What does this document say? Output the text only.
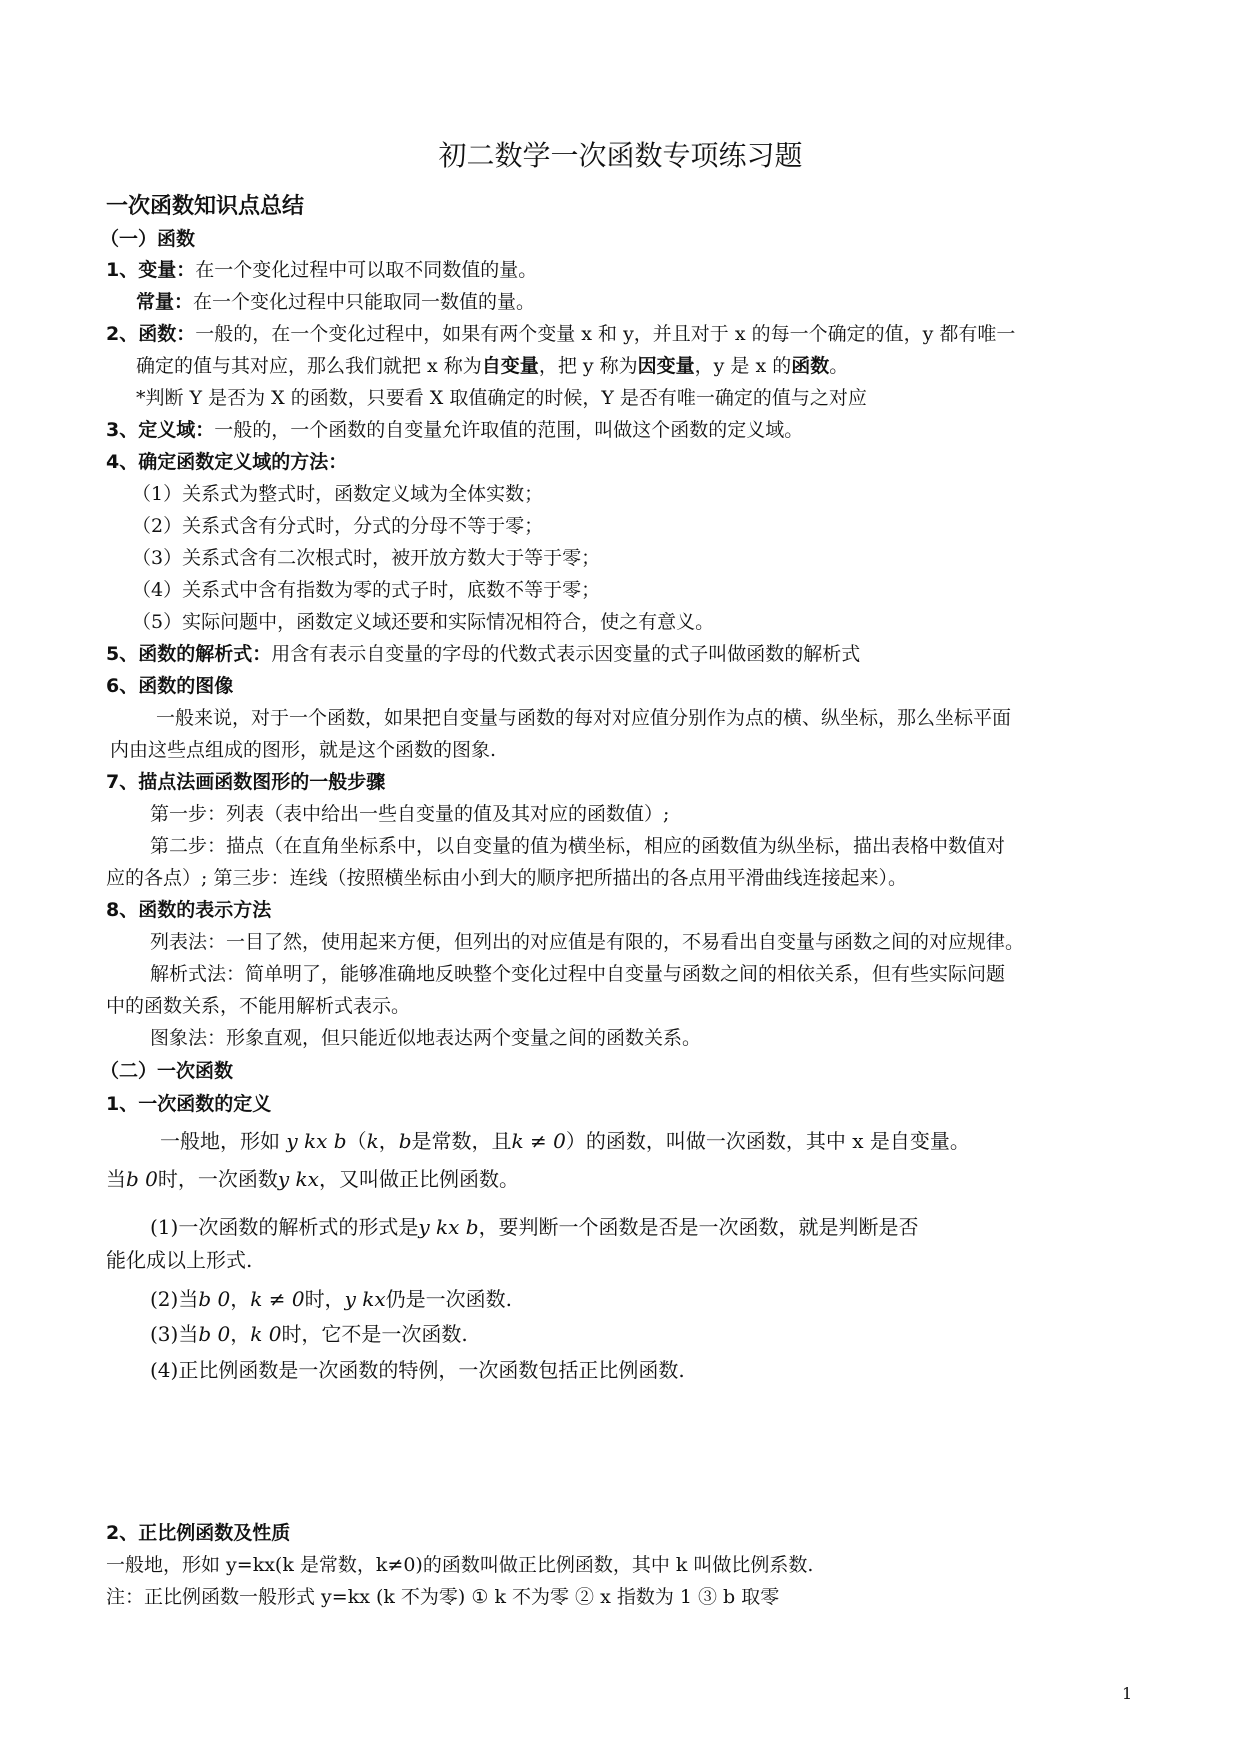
初二数学一次函数专项练习题
一次函数知识点总结
（一）函数
1、变量：在一个变化过程中可以取不同数值的量。
常量：在一个变化过程中只能取同一数值的量。
2、函数：一般的，在一个变化过程中，如果有两个变量 x 和 y，并且对于 x 的每一个确定的值，y 都有唯一
确定的值与其对应，那么我们就把 x 称为自变量，把 y 称为因变量，y 是 x 的函数。
*判断 Y 是否为 X 的函数，只要看 X 取值确定的时候，Y 是否有唯一确定的值与之对应
3、定义域：一般的，一个函数的自变量允许取值的范围，叫做这个函数的定义域。
4、确定函数定义域的方法：
（1）关系式为整式时，函数定义域为全体实数；
（2）关系式含有分式时，分式的分母不等于零；
（3）关系式含有二次根式时，被开放方数大于等于零；
（4）关系式中含有指数为零的式子时，底数不等于零；
（5）实际问题中，函数定义域还要和实际情况相符合，使之有意义。
5、函数的解析式：用含有表示自变量的字母的代数式表示因变量的式子叫做函数的解析式
6、函数的图像
一般来说，对于一个函数，如果把自变量与函数的每对对应值分别作为点的横、纵坐标，那么坐标平面
内由这些点组成的图形，就是这个函数的图象.
7、描点法画函数图形的一般步骤
第一步：列表（表中给出一些自变量的值及其对应的函数值）;
第二步：描点（在直角坐标系中，以自变量的值为横坐标，相应的函数值为纵坐标，描出表格中数值对
应的各点）; 第三步：连线（按照横坐标由小到大的顺序把所描出的各点用平滑曲线连接起来）。
8、函数的表示方法
列表法：一目了然，使用起来方便，但列出的对应值是有限的，不易看出自变量与函数之间的对应规律。
解析式法：简单明了，能够准确地反映整个变化过程中自变量与函数之间的相依关系，但有些实际问题
中的函数关系，不能用解析式表示。
图象法：形象直观，但只能近似地表达两个变量之间的函数关系。
（二）一次函数
1、一次函数的定义
一般地，形如 y kx b（k，b是常数，且k ≠ 0）的函数，叫做一次函数，其中 x 是自变量。
当b 0时，一次函数y kx，又叫做正比例函数。
(1)一次函数的解析式的形式是y kx b，要判断一个函数是否是一次函数，就是判断是否
能化成以上形式.
(2)当b 0，k ≠ 0时，y kx仍是一次函数.
(3)当b 0，k 0时，它不是一次函数.
(4)正比例函数是一次函数的特例，一次函数包括正比例函数.
2、正比例函数及性质
一般地，形如 y=kx(k 是常数，k≠0)的函数叫做正比例函数，其中 k 叫做比例系数.
注：正比例函数一般形式 y=kx (k 不为零) ① k 不为零 ② x 指数为 1 ③ b 取零
1
